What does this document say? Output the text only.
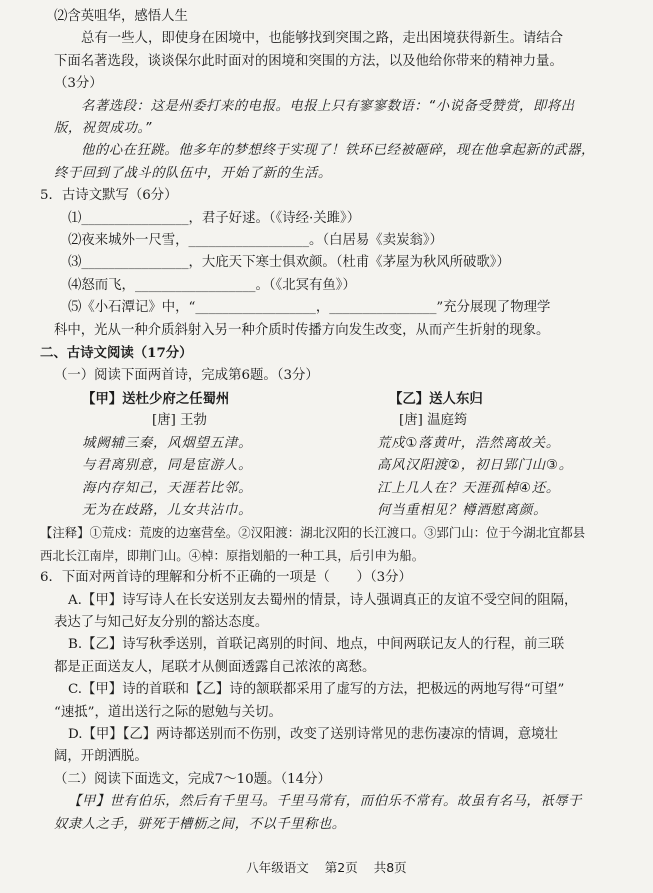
⑵含英咀华，感悟人生
总有一些人，即使身在困境中，也能够找到突围之路，走出困境获得新生。请结合
下面名著选段，谈谈保尔此时面对的困境和突围的方法，以及他给你带来的精神力量。
（3分）
名著选段：这是州委打来的电报。电报上只有寥寥数语：“小说备受赞赏，即将出
版，祝贺成功。”
他的心在狂跳。他多年的梦想终于实现了！铁环已经被砸碎，现在他拿起新的武器，
终于回到了战斗的队伍中，开始了新的生活。
5．古诗文默写（6分）
⑴________________，君子好逑。（《诗经·关雎》）
⑵夜来城外一尺雪，__________________。（白居易《卖炭翁》）
⑶________________，大庇天下寒士俱欢颜。（杜甫《茅屋为秋风所破歌》）
⑷怒而飞，__________________。（《北冥有鱼》）
⑸《小石潭记》中，“__________________，________________”充分展现了物理学
科中，光从一种介质斜射入另一种介质时传播方向发生改变，从而产生折射的现象。
二、古诗文阅读（17分）
（一）阅读下面两首诗，完成第6题。（3分）
【甲】送杜少府之任蜀州
[唐] 王勃
城阙辅三秦，风烟望五津。
与君离别意，同是宦游人。
海内存知己，天涯若比邻。
无为在歧路，儿女共沾巾。
【乙】送人东归
[唐] 温庭筠
荒戍①落黄叶，浩然离故关。
高风汉阳渡②，初日郢门山③。
江上几人在？天涯孤棹④还。
何当重相见？樽酒慰离颜。
【注释】①荒戍：荒废的边塞营垒。②汉阳渡：湖北汉阳的长江渡口。③郢门山：位于今湖北宜都县
西北长江南岸，即荆门山。④棹：原指划船的一种工具，后引申为船。
6．下面对两首诗的理解和分析不正确的一项是（　　）（3分）
A.【甲】诗写诗人在长安送别友去蜀州的情景，诗人强调真正的友谊不受空间的阻隔，
表达了与知己好友分别的豁达态度。
B.【乙】诗写秋季送别，首联记离别的时间、地点，中间两联记友人的行程，前三联
都是正面送友人，尾联才从侧面透露自己浓浓的离愁。
C.【甲】诗的首联和【乙】诗的颔联都采用了虚写的方法，把极远的两地写得“可望”
“速抵”，道出送行之际的慰勉与关切。
D.【甲】【乙】两诗都送别而不伤别，改变了送别诗常见的悲伤凄凉的情调，意境壮
阔，开朗洒脱。
（二）阅读下面选文，完成7～10题。（14分）
【甲】世有伯乐，然后有千里马。千里马常有，而伯乐不常有。故虽有名马，祇辱于
奴隶人之手，骈死于槽枥之间，不以千里称也。
八年级语文 第2页 共8页
